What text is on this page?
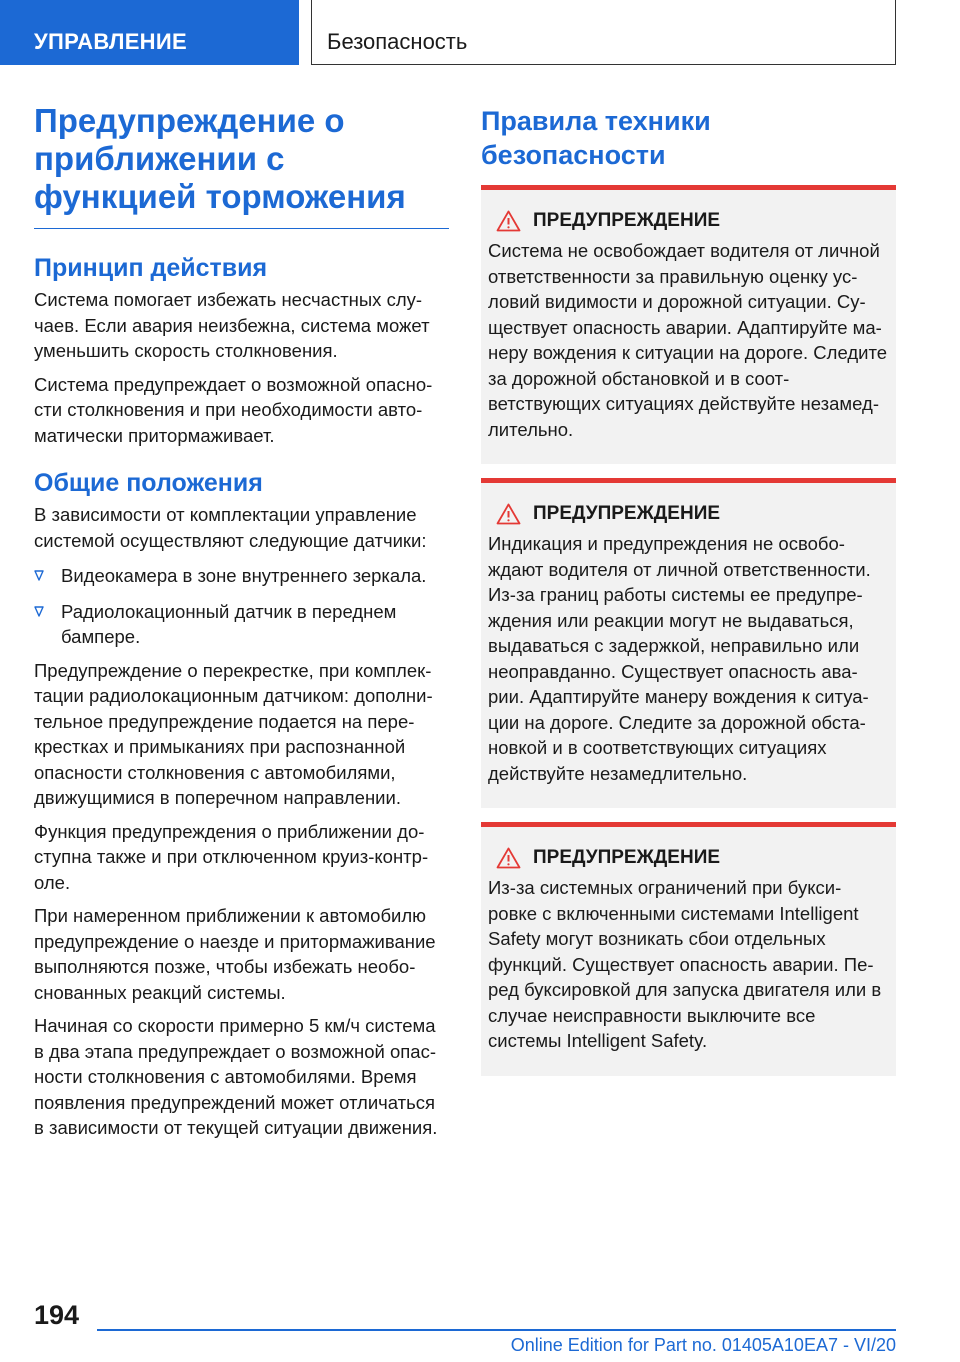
УПРАВЛЕНИЕ	Безопасность
Предупреждение о приближении с функцией торможения
Принцип действия
Система помогает избежать несчастных слу-чаев. Если авария неизбежна, система может уменьшить скорость столкновения.
Система предупреждает о возможной опасно-сти столкновения и при необходимости авто-матически притормаживает.
Общие положения
В зависимости от комплектации управление системой осуществляют следующие датчики:
Видеокамера в зоне внутреннего зеркала.
Радиолокационный датчик в переднем бампере.
Предупреждение о перекрестке, при комплек-тации радиолокационным датчиком: дополни-тельное предупреждение подается на пере-крестках и примыканиях при распознанной опасности столкновения с автомобилями, движущимися в поперечном направлении.
Функция предупреждения о приближении до-ступна также и при отключенном круиз-контр-оле.
При намеренном приближении к автомобилю предупреждение о наезде и притормаживание выполняются позже, чтобы избежать необо-снованных реакций системы.
Начиная со скорости примерно 5 км/ч система в два этапа предупреждает о возможной опас-ности столкновения с автомобилями. Время появления предупреждений может отличаться в зависимости от текущей ситуации движения.
Правила техники безопасности
ПРЕДУПРЕЖДЕНИЕ
Система не освобождает водителя от личной ответственности за правильную оценку ус-ловий видимости и дорожной ситуации. Су-ществует опасность аварии. Адаптируйте ма-неру вождения к ситуации на дороге. Следите за дорожной обстановкой и в соот-ветствующих ситуациях действуйте незамед-лительно.
ПРЕДУПРЕЖДЕНИЕ
Индикация и предупреждения не освобо-ждают водителя от личной ответственности. Из-за границ работы системы ее предупре-ждения или реакции могут не выдаваться, выдаваться с задержкой, неправильно или неоправданно. Существует опасность ава-рии. Адаптируйте манеру вождения к ситуа-ции на дороге. Следите за дорожной обста-новкой и в соответствующих ситуациях действуйте незамедлительно.
ПРЕДУПРЕЖДЕНИЕ
Из-за системных ограничений при букси-ровке с включенными системами Intelligent Safety могут возникать сбои отдельных функций. Существует опасность аварии. Пе-ред буксировкой для запуска двигателя или в случае неисправности выключите все системы Intelligent Safety.
194
Online Edition for Part no. 01405A10EA7 - VI/20
